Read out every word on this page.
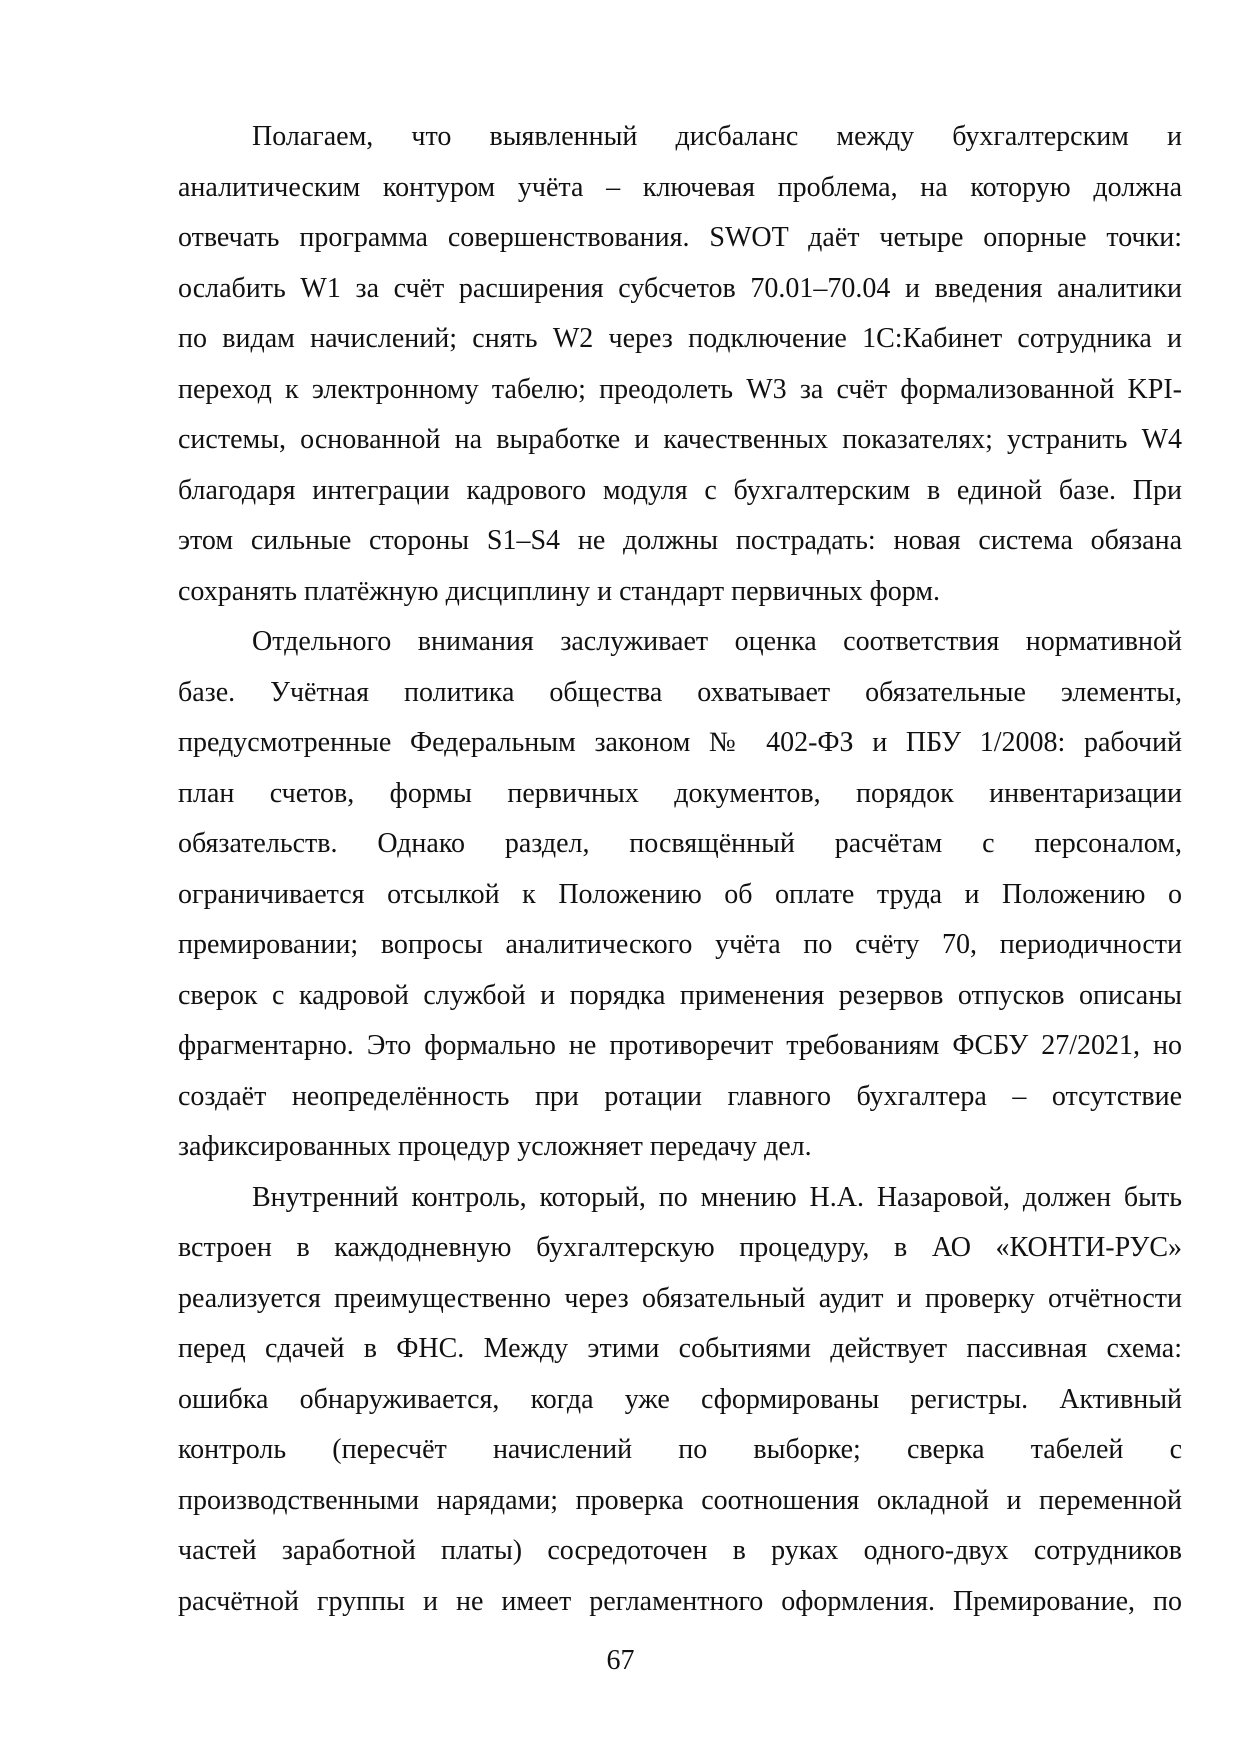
Полагаем, что выявленный дисбаланс между бухгалтерским и
аналитическим контуром учёта – ключевая проблема, на которую должна
отвечать программа совершенствования. SWOT даёт четыре опорные точки:
ослабить W1 за счёт расширения субсчетов 70.01–70.04 и введения аналитики
по видам начислений; снять W2 через подключение 1С:Кабинет сотрудника и
переход к электронному табелю; преодолеть W3 за счёт формализованной KPI-
системы, основанной на выработке и качественных показателях; устранить W4
благодаря интеграции кадрового модуля с бухгалтерским в единой базе. При
этом сильные стороны S1–S4 не должны пострадать: новая система обязана
сохранять платёжную дисциплину и стандарт первичных форм.
Отдельного внимания заслуживает оценка соответствия нормативной
базе. Учётная политика общества охватывает обязательные элементы,
предусмотренные Федеральным законом № 402-ФЗ и ПБУ 1/2008: рабочий
план счетов, формы первичных документов, порядок инвентаризации
обязательств. Однако раздел, посвящённый расчётам с персоналом,
ограничивается отсылкой к Положению об оплате труда и Положению о
премировании; вопросы аналитического учёта по счёту 70, периодичности
сверок с кадровой службой и порядка применения резервов отпусков описаны
фрагментарно. Это формально не противоречит требованиям ФСБУ 27/2021, но
создаёт неопределённость при ротации главного бухгалтера – отсутствие
зафиксированных процедур усложняет передачу дел.
Внутренний контроль, который, по мнению Н.А. Назаровой, должен быть
встроен в каждодневную бухгалтерскую процедуру, в АО «КОНТИ-РУС»
реализуется преимущественно через обязательный аудит и проверку отчётности
перед сдачей в ФНС. Между этими событиями действует пассивная схема:
ошибка обнаруживается, когда уже сформированы регистры. Активный
контроль (пересчёт начислений по выборке; сверка табелей с
производственными нарядами; проверка соотношения окладной и переменной
частей заработной платы) сосредоточен в руках одного-двух сотрудников
расчётной группы и не имеет регламентного оформления. Премирование, по
67
